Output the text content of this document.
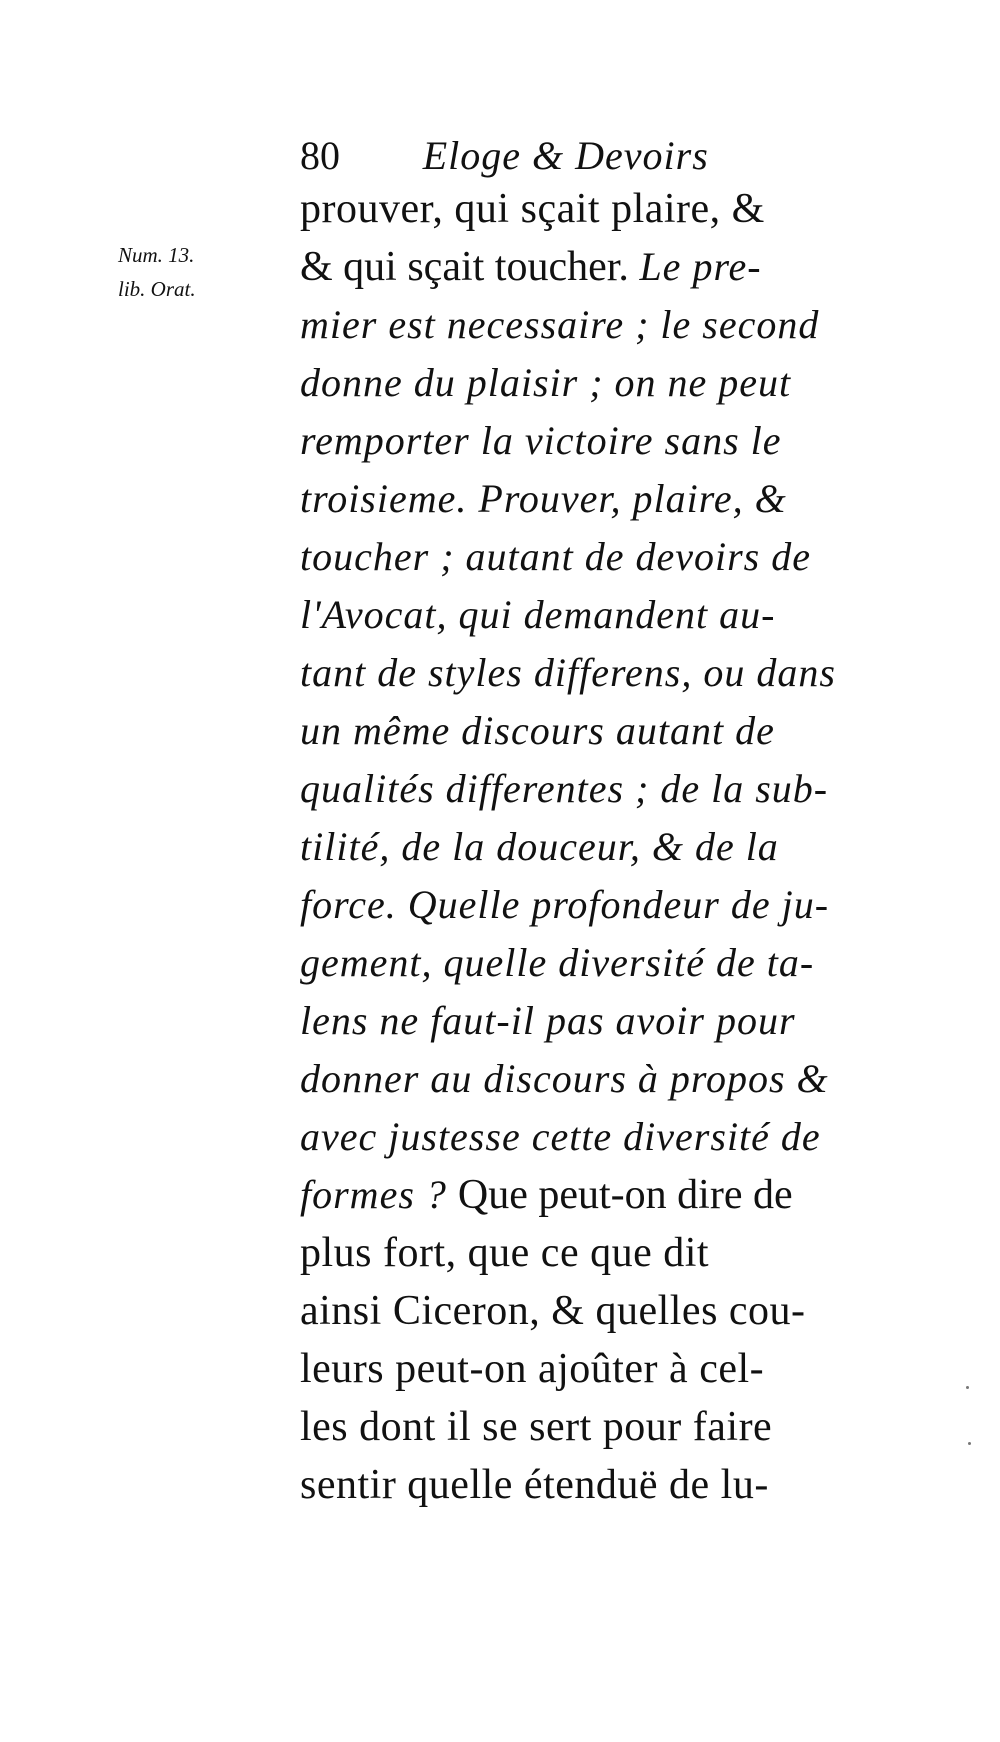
80 Eloge & Devoirs
Num. 13.
lib. Orat.
prouver, qui sçait plaire, &
& qui sçait toucher. Le pre-
mier est necessaire ; le second
donne du plaisir ; on ne peut
remporter la victoire sans le
troisieme. Prouver, plaire, &
toucher ; autant de devoirs de
l'Avocat, qui demandent au-
tant de styles differens, ou dans
un même discours autant de
qualités differentes ; de la sub-
tilité, de la douceur, & de la
force. Quelle profondeur de ju-
gement, quelle diversité de ta-
lens ne faut-il pas avoir pour
donner au discours à propos &
avec justesse cette diversité de
formes ? Que peut-on dire de
plus fort, que ce que dit
ainsi Ciceron, & quelles cou-
leurs peut-on ajoûter à cel-
les dont il se sert pour faire
sentir quelle étenduë de lu-
